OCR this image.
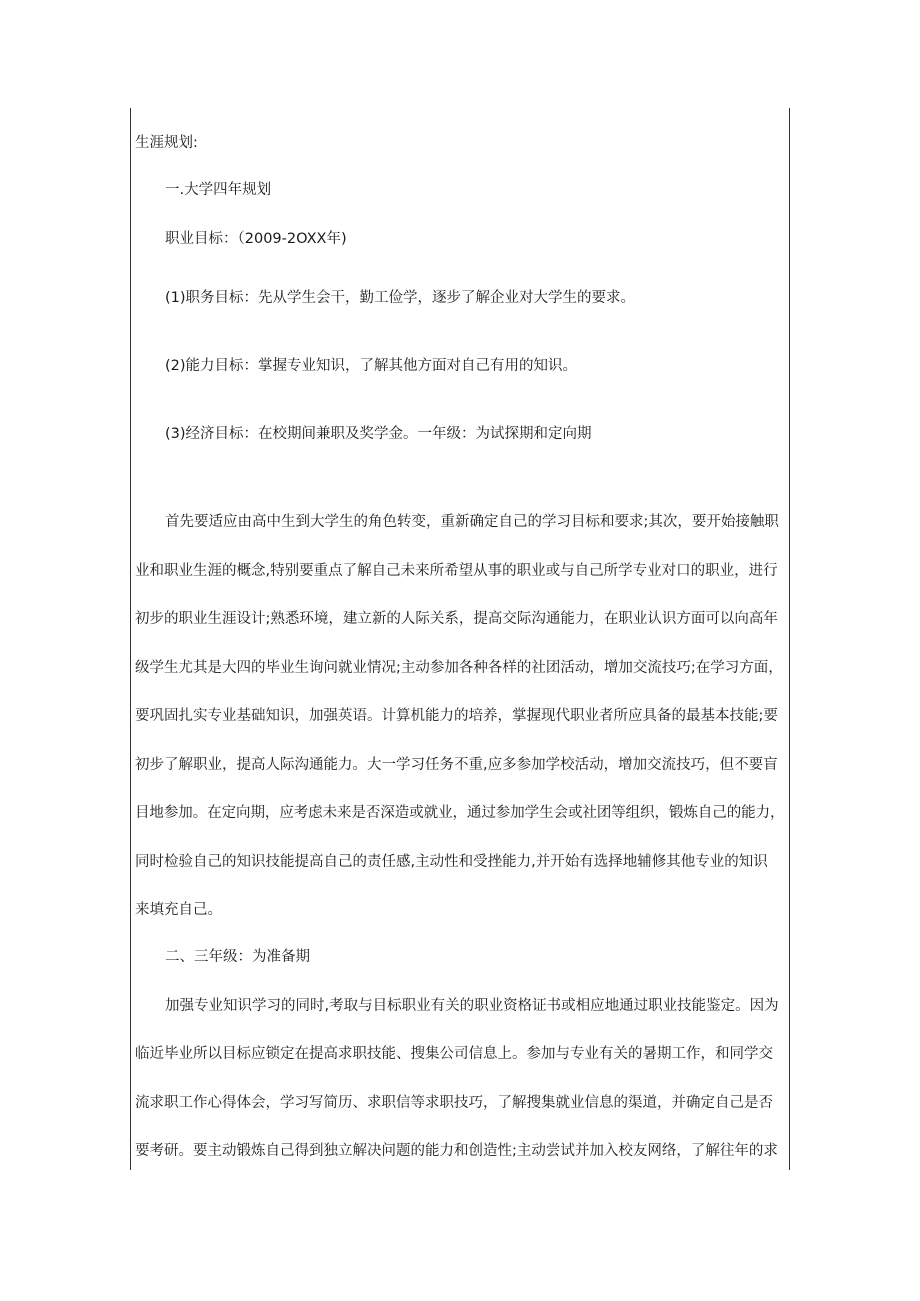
生涯规划:
一.大学四年规划
职业目标：（2009-2OXX年)
(1)职务目标：先从学生会干，勤工俭学，逐步了解企业对大学生的要求。
(2)能力目标：掌握专业知识，了解其他方面对自己有用的知识。
(3)经济目标：在校期间兼职及奖学金。一年级：为试探期和定向期
首先要适应由高中生到大学生的角色转变，重新确定自己的学习目标和要求;其次，要开始接触职
业和职业生涯的概念,特别要重点了解自己未来所希望从事的职业或与自己所学专业对口的职业，进行
初步的职业生涯设计;熟悉环境，建立新的人际关系，提高交际沟通能力，在职业认识方面可以向高年
级学生尤其是大四的毕业生询问就业情况;主动参加各种各样的社团活动，增加交流技巧;在学习方面，
要巩固扎实专业基础知识，加强英语。计算机能力的培养，掌握现代职业者所应具备的最基本技能;要
初步了解职业，提高人际沟通能力。大一学习任务不重,应多参加学校活动，增加交流技巧，但不要盲
目地参加。在定向期，应考虑未来是否深造或就业，通过参加学生会或社团等组织，锻炼自己的能力，
同时检验自己的知识技能提高自己的责任感,主动性和受挫能力,并开始有选择地辅修其他专业的知识
来填充自己。
二、三年级：为准备期
加强专业知识学习的同时,考取与目标职业有关的职业资格证书或相应地通过职业技能鉴定。因为
临近毕业所以目标应锁定在提高求职技能、搜集公司信息上。参加与专业有关的暑期工作，和同学交
流求职工作心得体会，学习写简历、求职信等求职技巧，了解搜集就业信息的渠道，并确定自己是否
要考研。要主动锻炼自己得到独立解决问题的能力和创造性;主动尝试并加入校友网络，了解往年的求
